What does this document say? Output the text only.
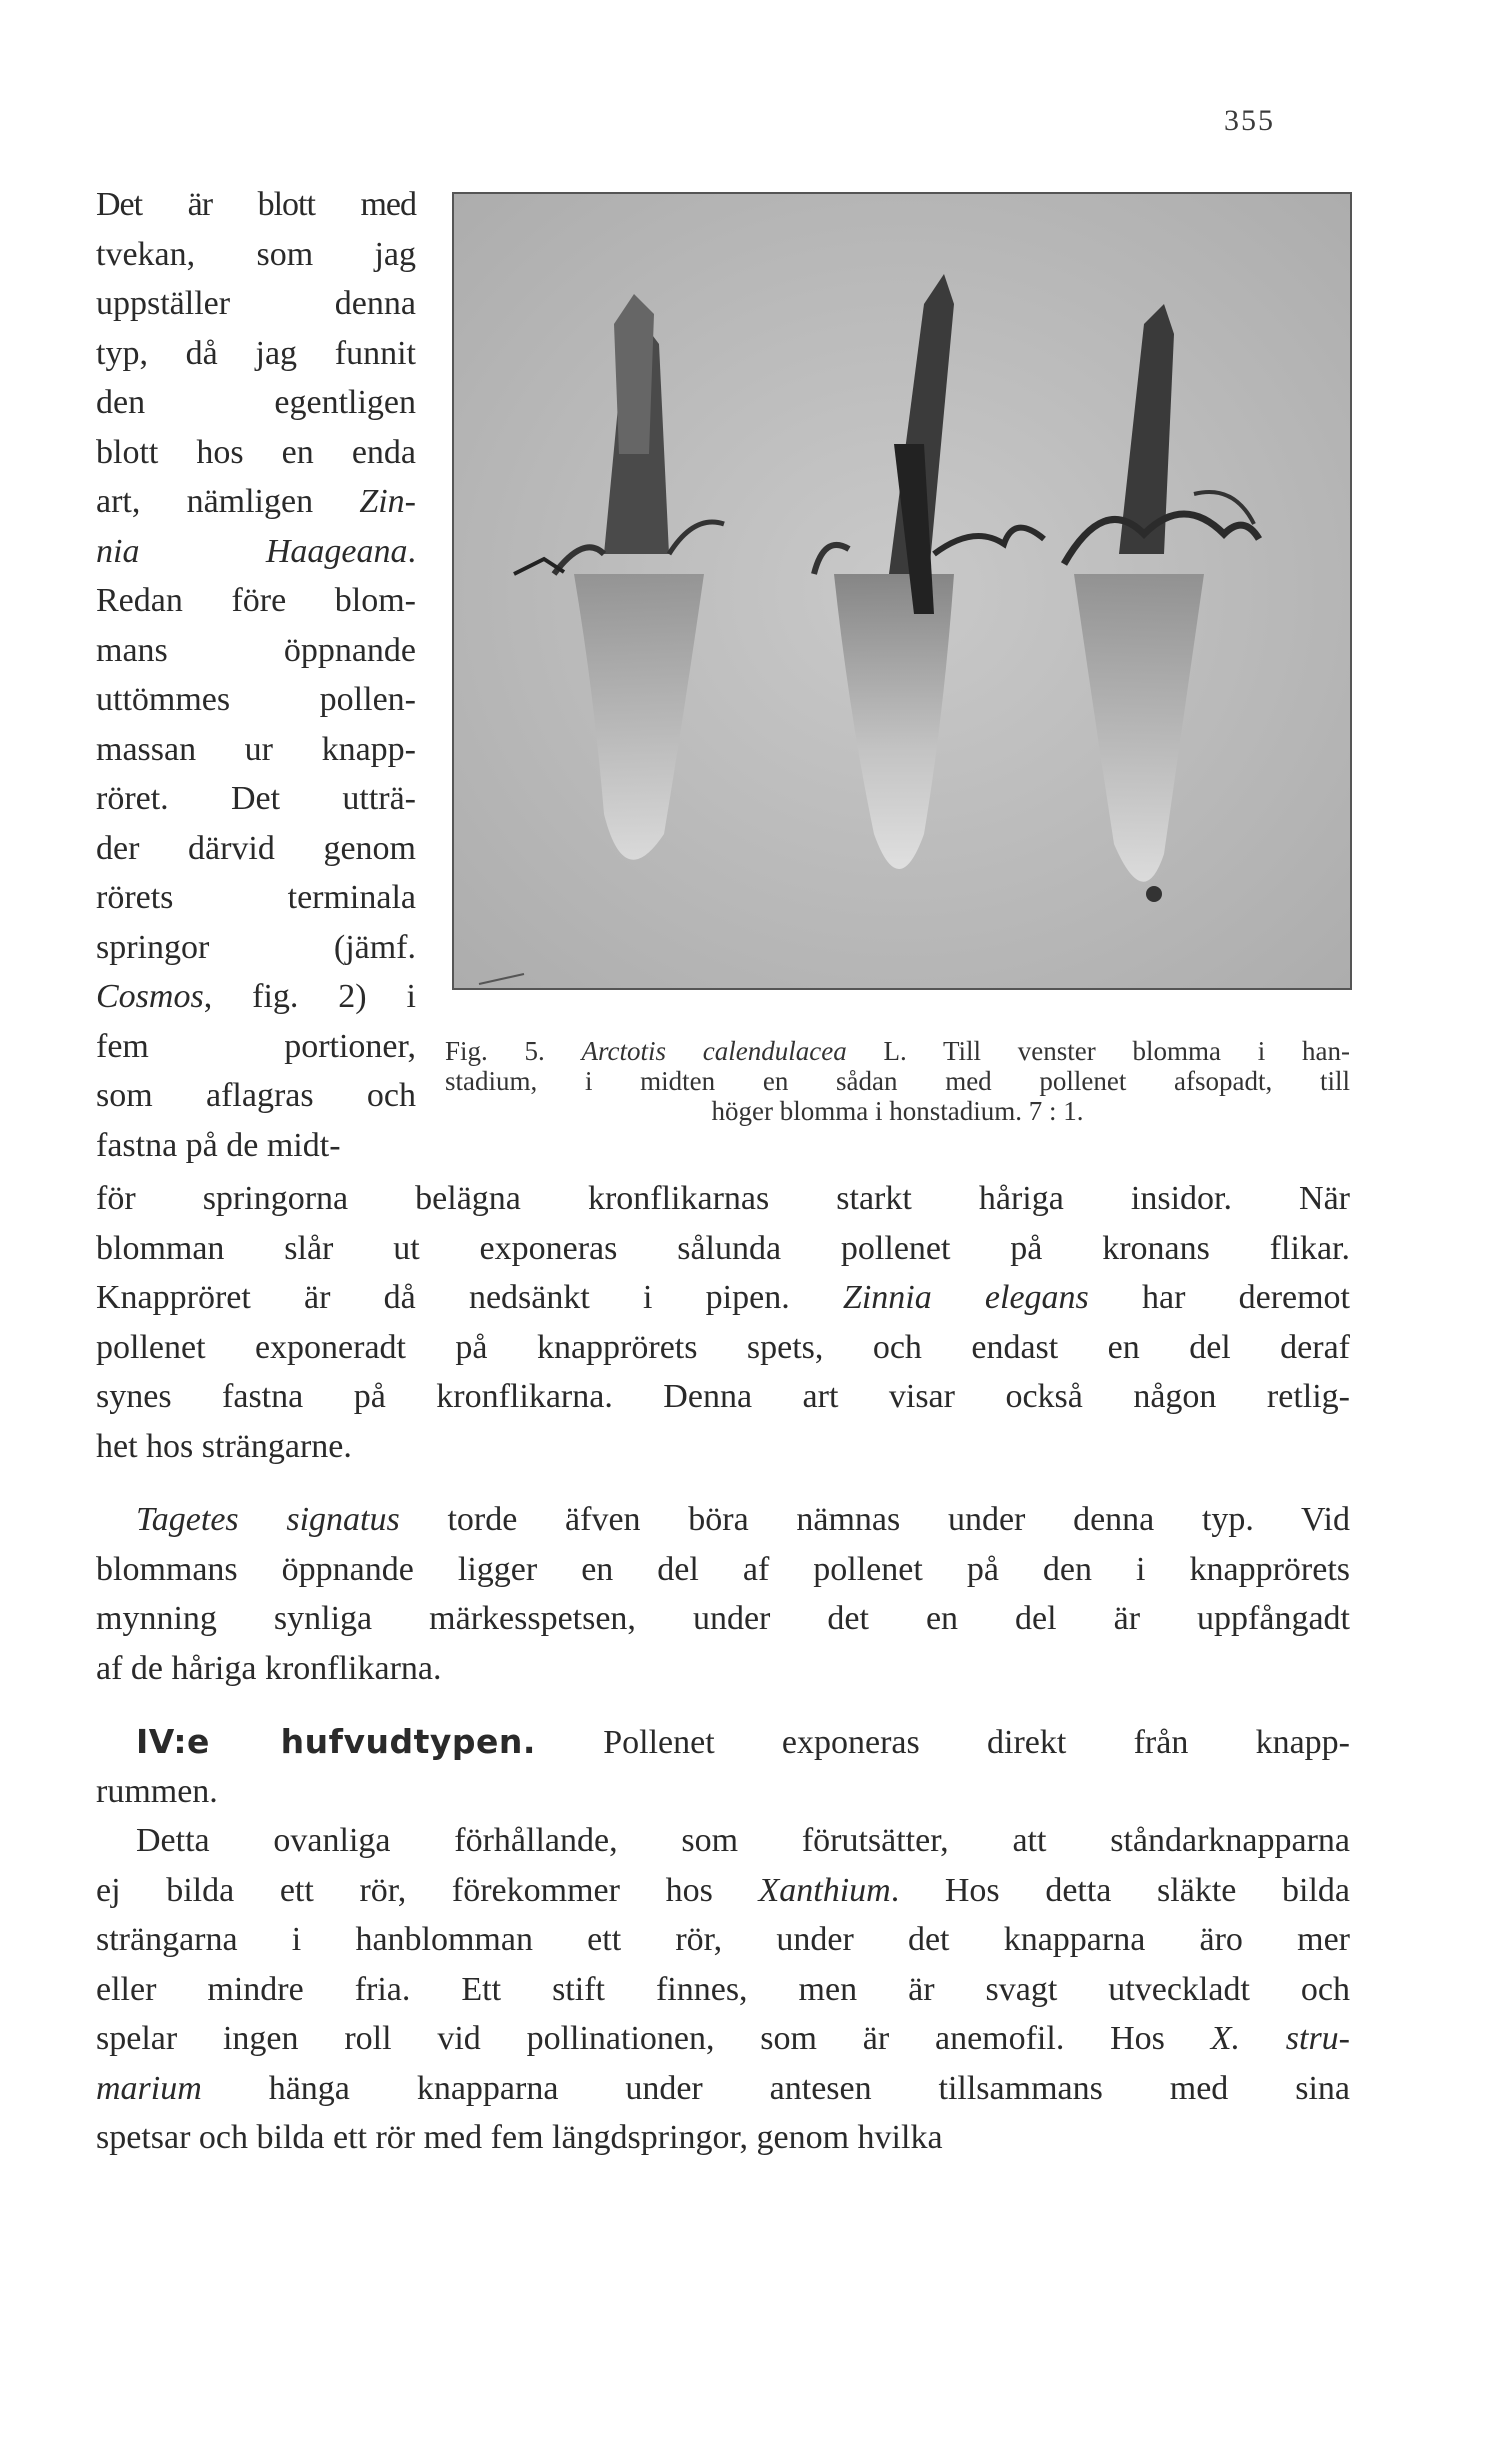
355
Det är blott med
tvekan, som jag
uppställer denna
typ, då jag funnit
den egentligen
blott hos en enda
art, nämligen Zin-
nia Haageana.
Redan före blom-
mans öppnande
uttömmes pollen-
massan ur knapp-
röret. Det utträ-
der därvid genom
rörets terminala
springor (jämf.
Cosmos, fig. 2) i
fem portioner,
som aflagras och
fastna på de midt-
Fig. 5. Arctotis calendulacea L. Till venster blomma i han-
stadium, i midten en sådan med pollenet afsopadt, till
höger blomma i honstadium. 7 : 1.
för springorna belägna kronflikarnas starkt håriga insidor. När
blomman slår ut exponeras sålunda pollenet på kronans flikar.
Knappröret är då nedsänkt i pipen. Zinnia elegans har deremot
pollenet exponeradt på knapprörets spets, och endast en del deraf
synes fastna på kronflikarna. Denna art visar också någon retlig-
het hos strängarne.
Tagetes signatus torde äfven böra nämnas under denna typ. Vid
blommans öppnande ligger en del af pollenet på den i knapprörets
mynning synliga märkesspetsen, under det en del är uppfångadt
af de håriga kronflikarna.
IV:e hufvudtypen. Pollenet exponeras direkt från knapp-
rummen.
Detta ovanliga förhållande, som förutsätter, att ståndarknapparna
ej bilda ett rör, förekommer hos Xanthium. Hos detta släkte bilda
strängarna i hanblomman ett rör, under det knapparna äro mer
eller mindre fria. Ett stift finnes, men är svagt utveckladt och
spelar ingen roll vid pollinationen, som är anemofil. Hos X. stru-
marium hänga knapparna under antesen tillsammans med sina
spetsar och bilda ett rör med fem längdspringor, genom hvilka
